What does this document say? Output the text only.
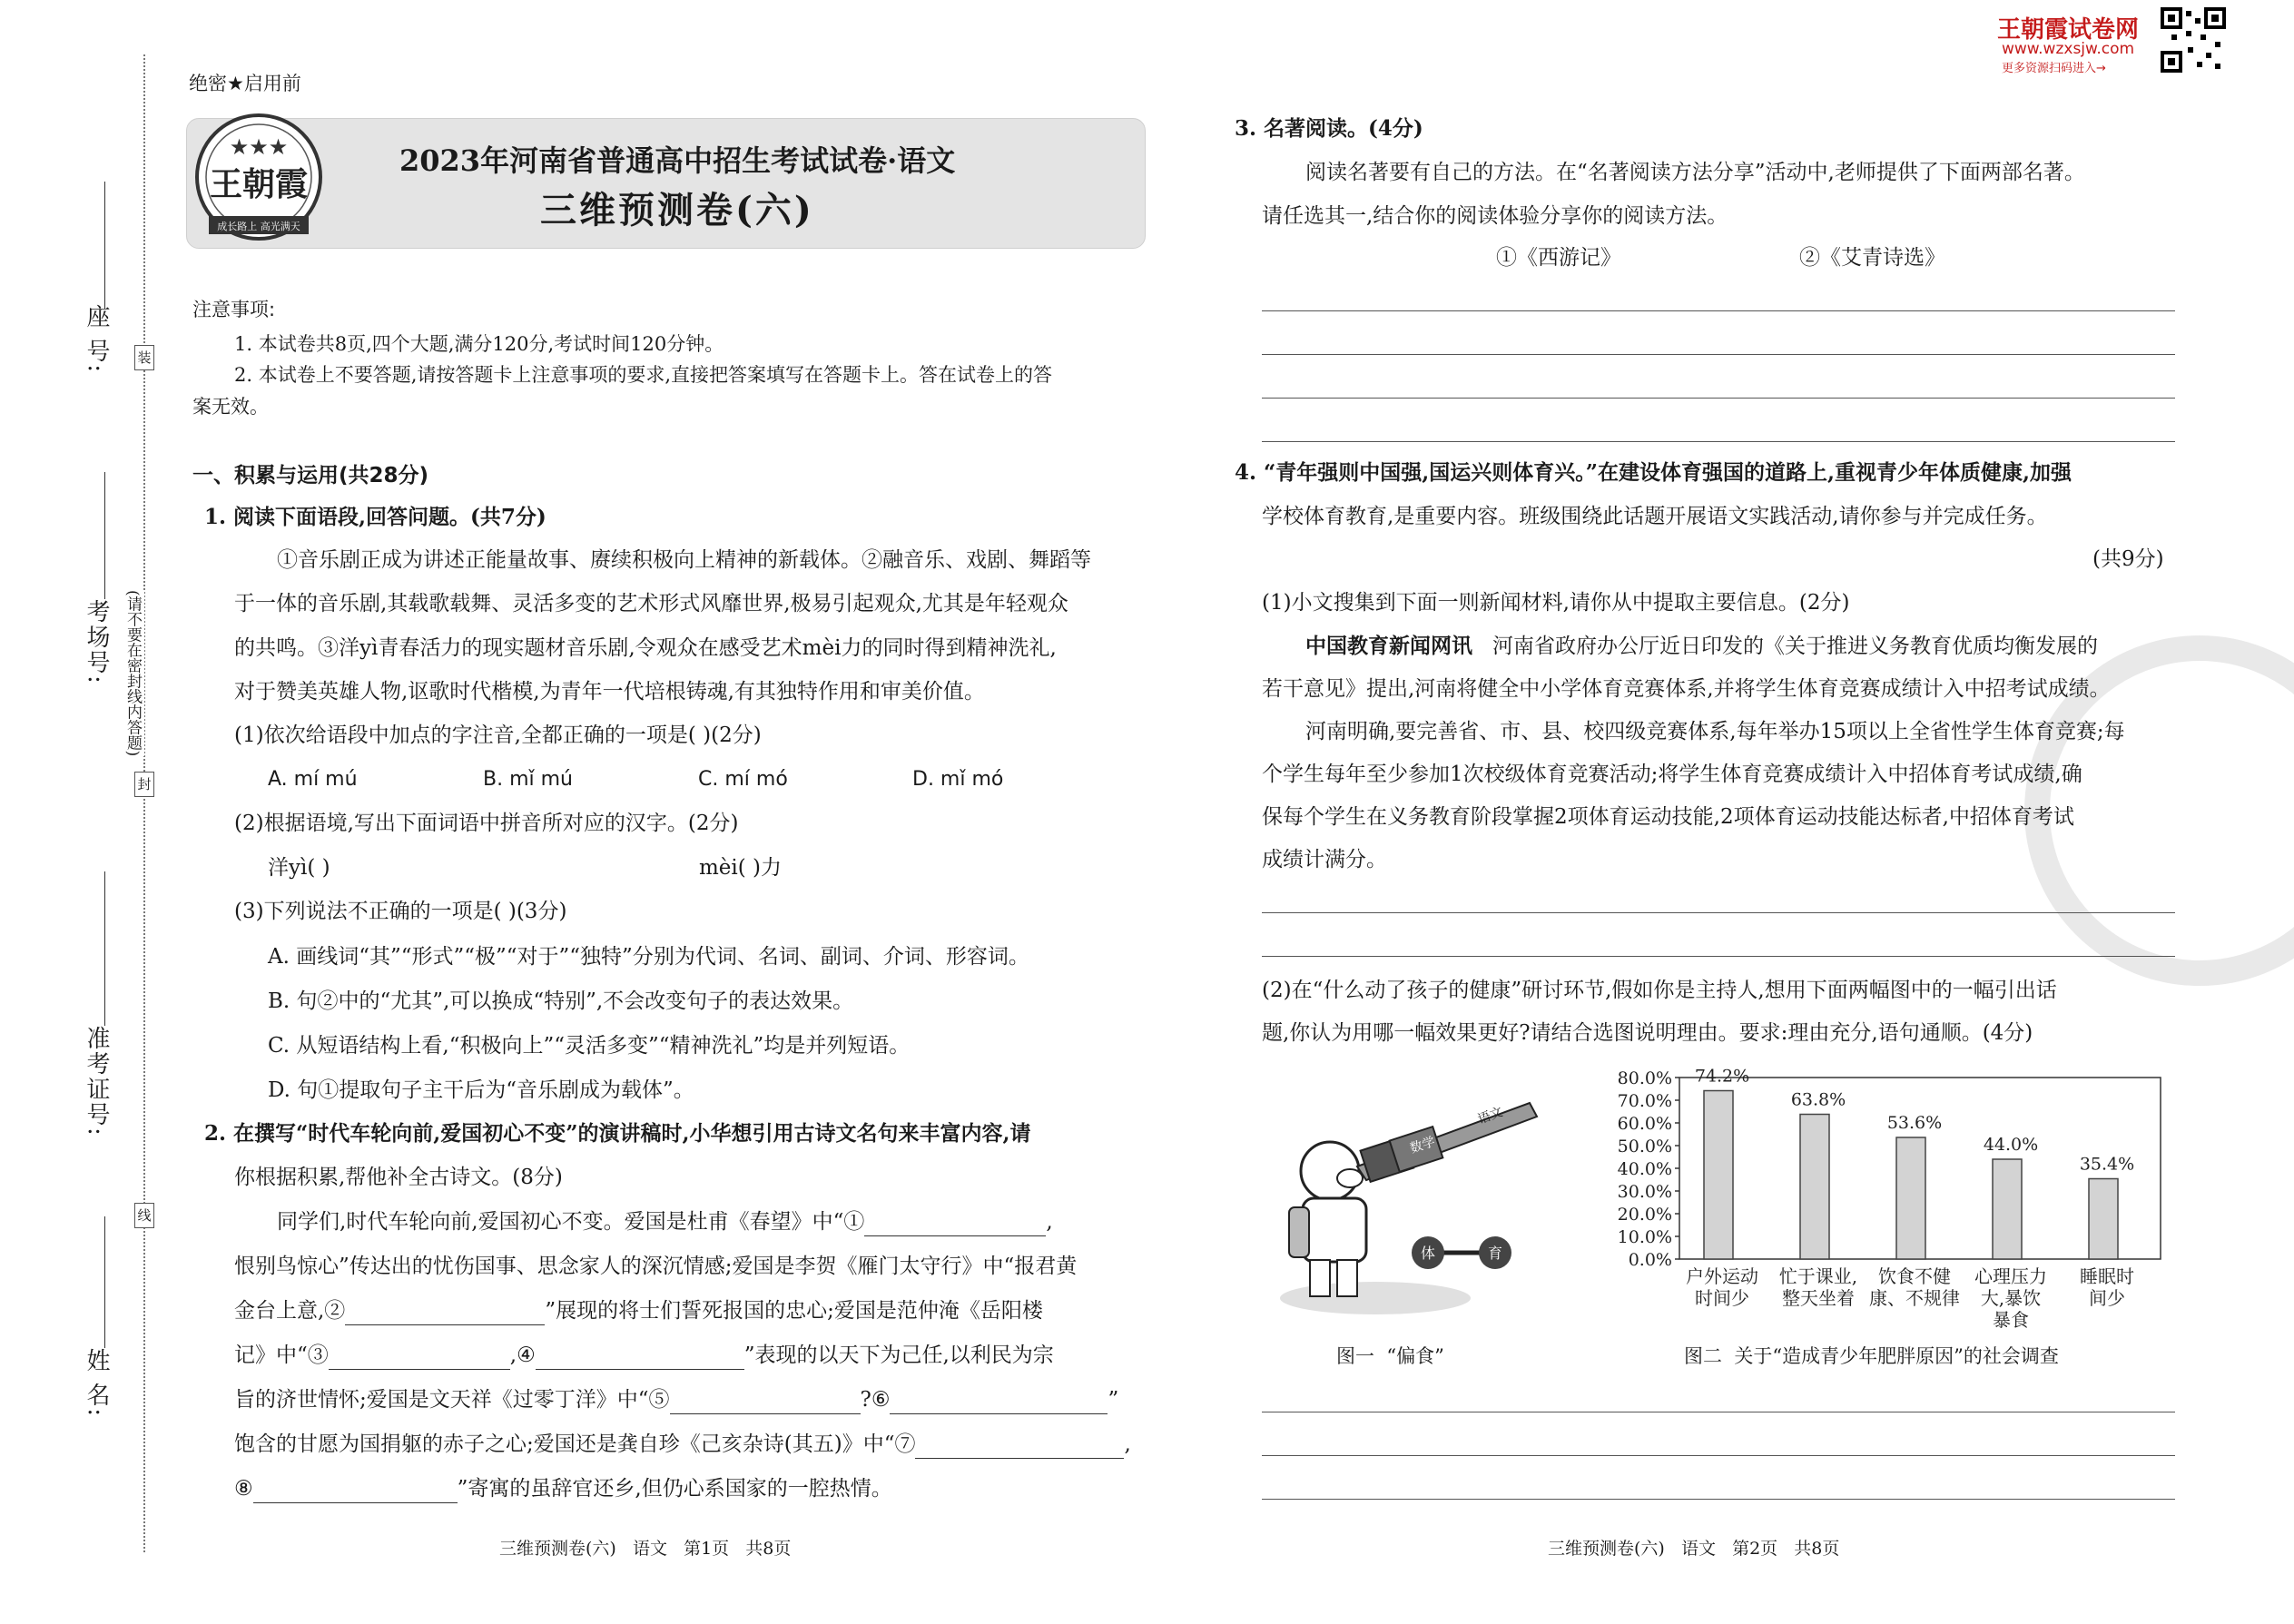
座 号:
考场号:
准考证号:
姓 名:
装
封
线
(请不要在密封线内答题)
绝密★启用前
★★★
王朝霞
成长路上 高光满天
2023年河南省普通高中招生考试试卷·语文
三维预测卷(六)
注意事项:
1. 本试卷共8页,四个大题,满分120分,考试时间120分钟。
2. 本试卷上不要答题,请按答题卡上注意事项的要求,直接把答案填写在答题卡上。答在试卷上的答
案无效。
一、积累与运用(共28分)
1. 阅读下面语段,回答问题。(共7分)
①音乐剧正成为讲述正能量故事、赓续积极向上精神的新载体。②融音乐、戏剧、舞蹈等
于一体的音乐剧,其载歌载舞、灵活多变的艺术形式风靡世界,极易引起观众,尤其是年轻观众
的共鸣。③洋yì青春活力的现实题材音乐剧,令观众在感受艺术mèi力的同时得到精神洗礼,
对于赞美英雄人物,讴歌时代楷模,为青年一代培根铸魂,有其独特作用和审美价值。
(1)依次给语段中加点的字注音,全都正确的一项是( )(2分)
A. mí mú	B. mǐ mú	C. mí mó	D. mǐ mó
(2)根据语境,写出下面词语中拼音所对应的汉字。(2分)
洋yì( )	mèi( )力
(3)下列说法不正确的一项是( )(3分)
A. 画线词“其”“形式”“极”“对于”“独特”分别为代词、名词、副词、介词、形容词。
B. 句②中的“尤其”,可以换成“特别”,不会改变句子的表达效果。
C. 从短语结构上看,“积极向上”“灵活多变”“精神洗礼”均是并列短语。
D. 句①提取句子主干后为“音乐剧成为载体”。
2. 在撰写“时代车轮向前,爱国初心不变”的演讲稿时,小华想引用古诗文名句来丰富内容,请
你根据积累,帮他补全古诗文。(8分)
同学们,时代车轮向前,爱国初心不变。爱国是杜甫《春望》中“①	,
恨别鸟惊心”传达出的忧伤国事、思念家人的深沉情感;爱国是李贺《雁门太守行》中“报君黄
金台上意,②	”展现的将士们誓死报国的忠心;爱国是范仲淹《岳阳楼
记》中“③	,④	”表现的以天下为己任,以利民为宗
旨的济世情怀;爱国是文天祥《过零丁洋》中“⑤	?⑥	”
饱含的甘愿为国捐躯的赤子之心;爱国还是龚自珍《己亥杂诗(其五)》中“⑦	,
⑧	”寄寓的虽辞官还乡,但仍心系国家的一腔热情。
三维预测卷(六)   语文   第1页   共8页
王朝霞试卷网
www.wzxsjw.com
更多资源扫码进入→
3. 名著阅读。(4分)
阅读名著要有自己的方法。在“名著阅读方法分享”活动中,老师提供了下面两部名著。
请任选其一,结合你的阅读体验分享你的阅读方法。
①《西游记》	②《艾青诗选》
4. “青年强则中国强,国运兴则体育兴。”在建设体育强国的道路上,重视青少年体质健康,加强
学校体育教育,是重要内容。班级围绕此话题开展语文实践活动,请你参与并完成任务。
(共9分)
(1)小文搜集到下面一则新闻材料,请你从中提取主要信息。(2分)
中国教育新闻网讯 河南省政府办公厅近日印发的《关于推进义务教育优质均衡发展的
若干意见》提出,河南将健全中小学体育竞赛体系,并将学生体育竞赛成绩计入中招考试成绩。
河南明确,要完善省、市、县、校四级竞赛体系,每年举办15项以上全省性学生体育竞赛;每
个学生每年至少参加1次校级体育竞赛活动;将学生体育竞赛成绩计入中招体育考试成绩,确
保每个学生在义务教育阶段掌握2项体育运动技能,2项体育运动技能达标者,中招体育考试
成绩计满分。
(2)在“什么动了孩子的健康”研讨环节,假如你是主持人,想用下面两幅图中的一幅引出话
题,你认为用哪一幅效果更好?请结合选图说明理由。要求:理由充分,语句通顺。(4分)
数学
语文
体	育
图一  “偏食”
0.0%
10.0%
20.0%
30.0%
40.0%
50.0%
60.0%
70.0%
80.0% 74.2%
户外运动
时间少
63.8%
忙于课业,
整天坐着
53.6%
饮食不健
康、不规律
44.0%
心理压力
大,暴饮
暴食
35.4%
睡眠时
间少
图二  关于“造成青少年肥胖原因”的社会调查
三维预测卷(六)   语文   第2页   共8页
